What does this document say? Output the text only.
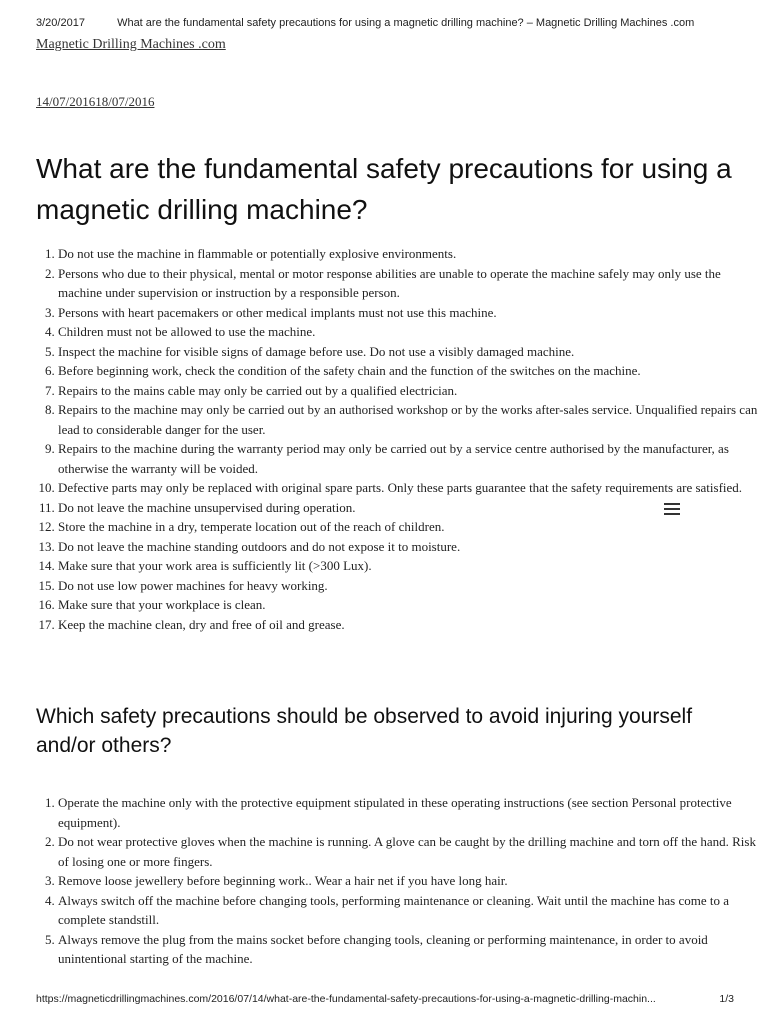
3/20/2017	What are the fundamental safety precautions for using a magnetic drilling machine? – Magnetic Drilling Machines .com
Magnetic Drilling Machines .com
14/07/201618/07/2016
What are the fundamental safety precautions for using a magnetic drilling machine?
1. Do not use the machine in flammable or potentially explosive environments.
2. Persons who due to their physical, mental or motor response abilities are unable to operate the machine safely may only use the machine under supervision or instruction by a responsible person.
3. Persons with heart pacemakers or other medical implants must not use this machine.
4. Children must not be allowed to use the machine.
5. Inspect the machine for visible signs of damage before use. Do not use a visibly damaged machine.
6. Before beginning work, check the condition of the safety chain and the function of the switches on the machine.
7. Repairs to the mains cable may only be carried out by a qualified electrician.
8. Repairs to the machine may only be carried out by an authorised workshop or by the works after-sales service. Unqualified repairs can lead to considerable danger for the user.
9. Repairs to the machine during the warranty period may only be carried out by a service centre authorised by the manufacturer, as otherwise the warranty will be voided.
10. Defective parts may only be replaced with original spare parts. Only these parts guarantee that the safety requirements are satisfied.
11. Do not leave the machine unsupervised during operation.
12. Store the machine in a dry, temperate location out of the reach of children.
13. Do not leave the machine standing outdoors and do not expose it to moisture.
14. Make sure that your work area is sufficiently lit (>300 Lux).
15. Do not use low power machines for heavy working.
16. Make sure that your workplace is clean.
17. Keep the machine clean, dry and free of oil and grease.
Which safety precautions should be observed to avoid injuring yourself and/or others?
1. Operate the machine only with the protective equipment stipulated in these operating instructions (see section Personal protective equipment).
2. Do not wear protective gloves when the machine is running. A glove can be caught by the drilling machine and torn off the hand. Risk of losing one or more fingers.
3. Remove loose jewellery before beginning work.. Wear a hair net if you have long hair.
4. Always switch off the machine before changing tools, performing maintenance or cleaning. Wait until the machine has come to a complete standstill.
5. Always remove the plug from the mains socket before changing tools, cleaning or performing maintenance, in order to avoid unintentional starting of the machine.
https://magneticdrillingmachines.com/2016/07/14/what-are-the-fundamental-safety-precautions-for-using-a-magnetic-drilling-machin...	1/3
